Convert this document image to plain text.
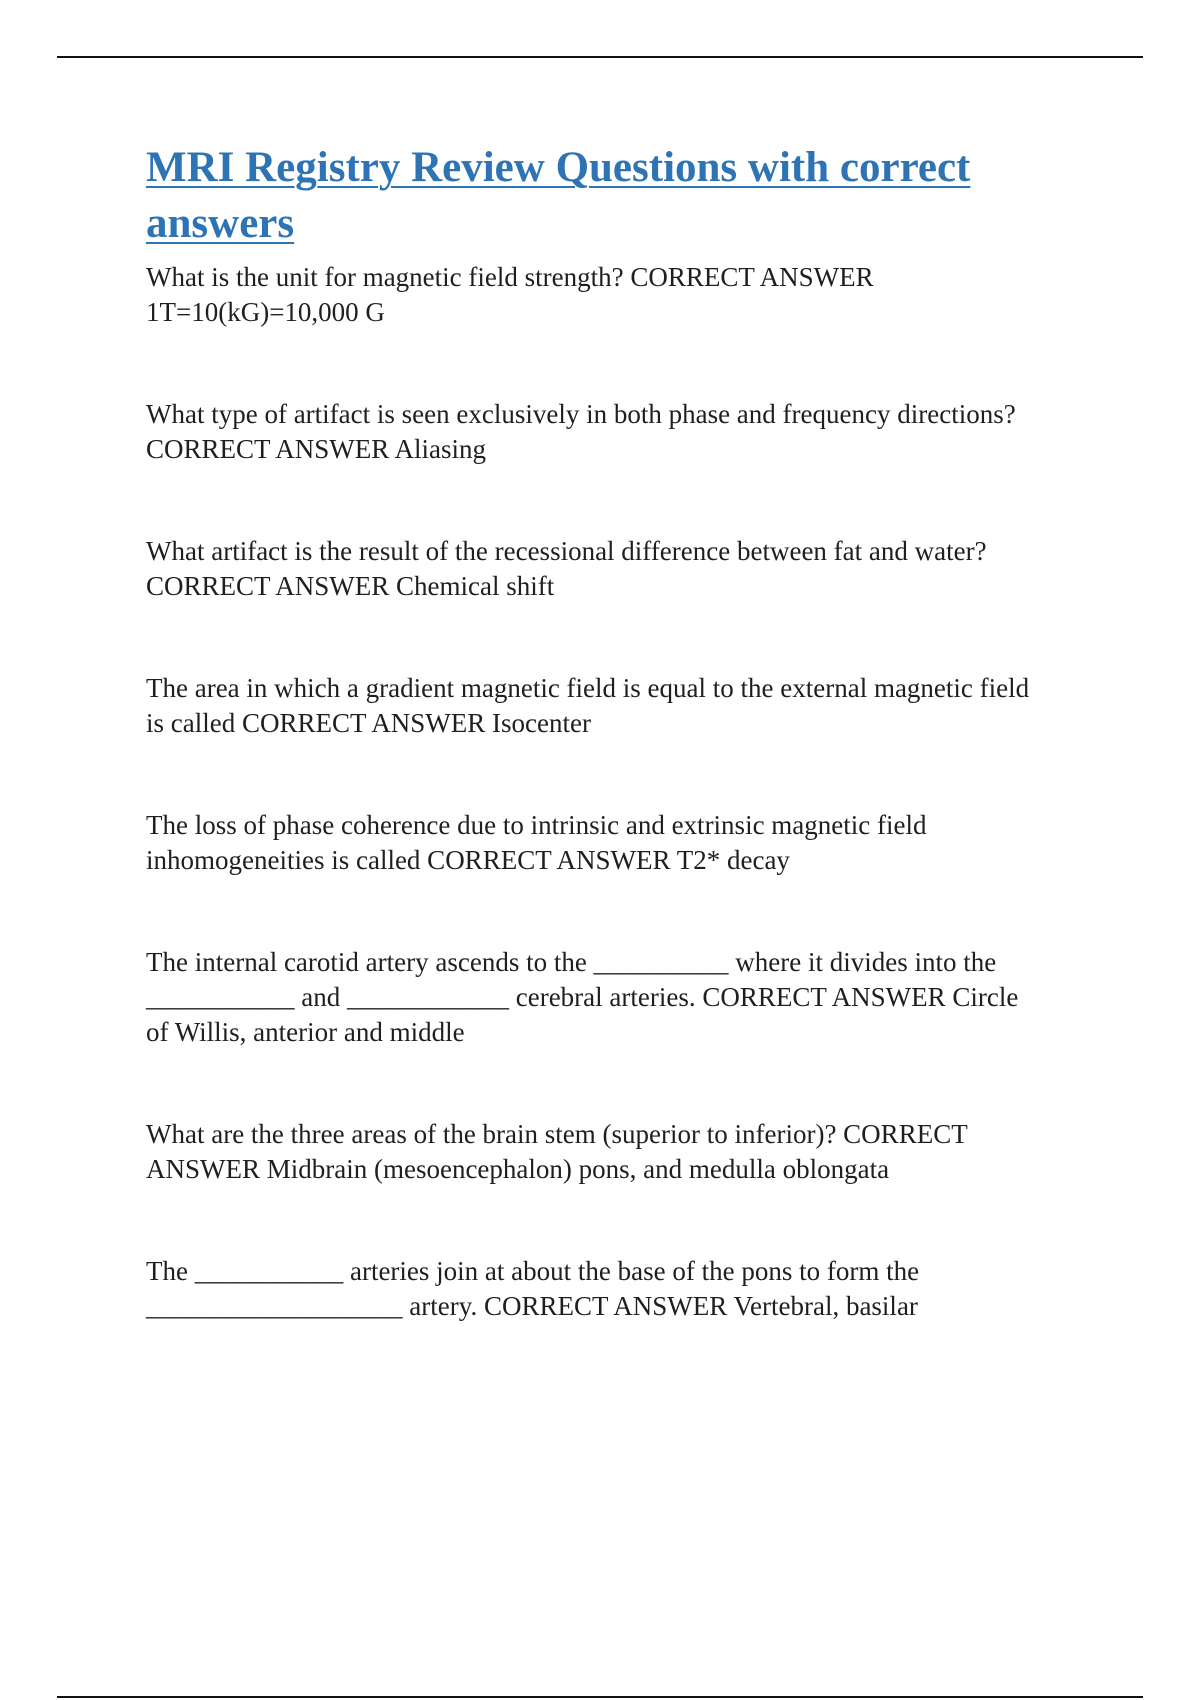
MRI Registry Review Questions with correct answers

What is the unit for magnetic field strength? CORRECT ANSWER
1T=10(kG)=10,000 G

What type of artifact is seen exclusively in both phase and frequency directions?
CORRECT ANSWER Aliasing

What artifact is the result of the recessional difference between fat and water?
CORRECT ANSWER Chemical shift

The area in which a gradient magnetic field is equal to the external magnetic field
is called CORRECT ANSWER Isocenter

The loss of phase coherence due to intrinsic and extrinsic magnetic field
inhomogeneities is called CORRECT ANSWER T2* decay

The internal carotid artery ascends to the __________ where it divides into the
___________ and ____________ cerebral arteries. CORRECT ANSWER Circle
of Willis, anterior and middle

What are the three areas of the brain stem (superior to inferior)? CORRECT
ANSWER Midbrain (mesoencephalon) pons, and medulla oblongata

The ___________ arteries join at about the base of the pons to form the
___________________ artery. CORRECT ANSWER Vertebral, basilar
